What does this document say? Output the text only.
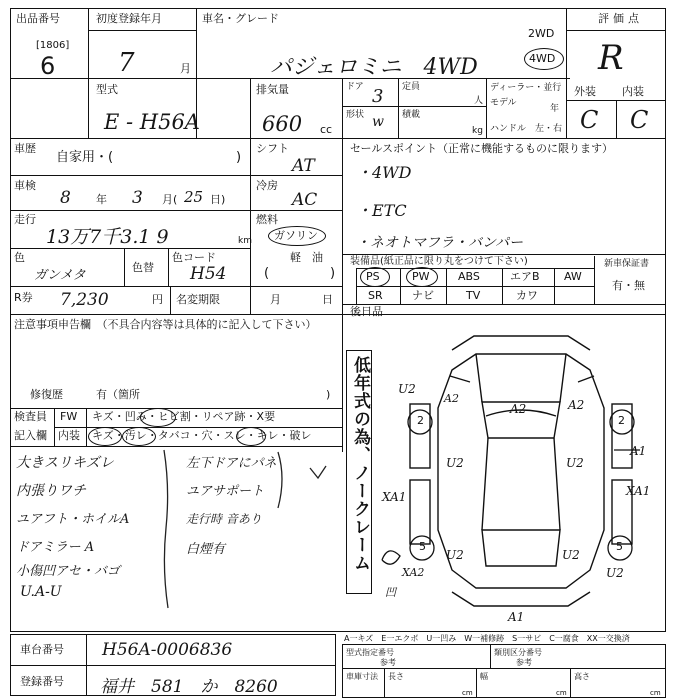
出品番号
[1806]
6
初度登録年月
7	月
車名・グレード
パジェロミニ　4WD
2WD
4WD
評価点
R
型式
E - H56A
排気量
660 cc
ドア 3
形状 w
定員
人
積載
kg
ディーラー・並行
モデル
年
ハンドル　左・右
外装 内装
C C
車歴
自家用・(	)
車検
8 年 3 月( 25 日)
走行
13万7千3.1 9	km
色
ガンメタ
色替
色コード
H54
シフト
AT
冷房
AC
燃料
ガソリン
軽　油
(	)
R券 7,230	円 名変期限	月	日
セールスポイント（正常に機能するものに限ります）
・4WD
・ETC
・ネオトマフラ・バンパー
装備品(紙正品に限り丸をつけて下さい)
PS	PW	ABS	エアB AW
SR	ナビ	TV	カワ
新車保証書
有・無
後日品
注意事項申告欄　（不具合内容等は具体的に記入して下さい）
修復歴	有（箇所	)
検査員
記入欄
FW キズ・凹み・ヒビ割・リペア跡・X要
内装 キズ・汚レ・タバコ・穴・スレ・キレ・破レ
大きスリキズレ
内張りワチ
ユアフト・ホイルA
ドアミラー A
小傷凹アセ・バゴ
U.A-U
左下ドアにパネ
ユアサポート
走行時 音あり
白煙有	低年式の為、ノークレーム U2
A2
A2	A2
U2	U2
XA1	XA1
A1
U2	U2
XA2	U2
A1
2	2
5	5
凹
A一キズ　E一エクボ　U一凹み　W一補修跡　S一サビ　C一腐食　XX一交換済
車台番号 H56A-0006836
登録番号 福井　581　か　8260
型式指定番号
参考
類別区分番号
参考
車庫寸法 長さ	幅	高さ
cm	cm	cm
